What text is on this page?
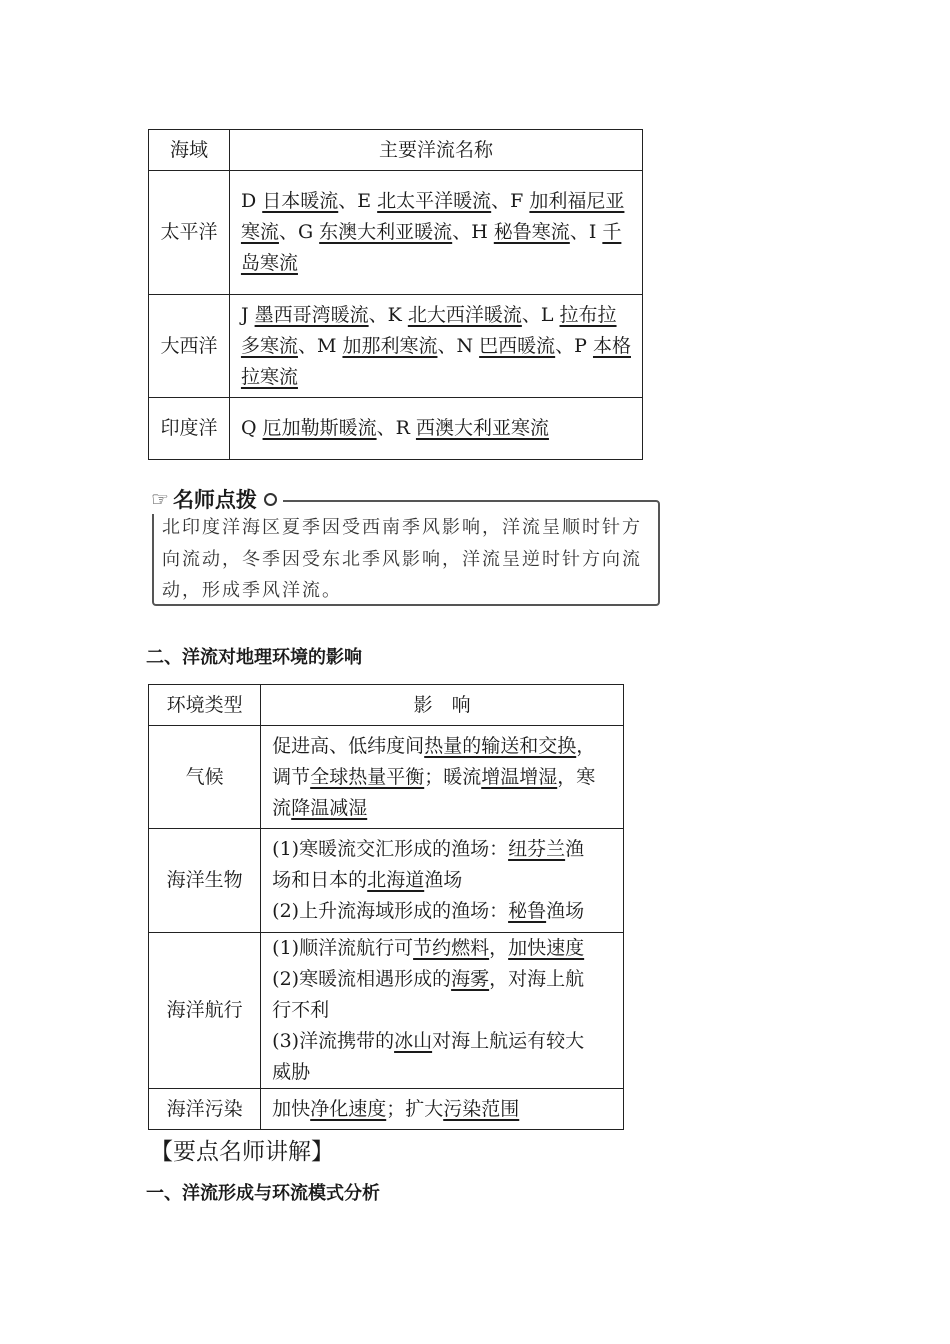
海域	主要洋流名称
太平洋	D 日本暖流、E 北太平洋暖流、F 加利福尼亚
寒流、G 东澳大利亚暖流、H 秘鲁寒流、I 千
岛寒流

大西洋	J 墨西哥湾暖流、K 北大西洋暖流、L 拉布拉
多寒流、M 加那利寒流、N 巴西暖流、P 本格
拉寒流

印度洋	Q 厄加勒斯暖流、R 西澳大利亚寒流
☞ 名师点拨
北印度洋海区夏季因受西南季风影响，洋流呈顺时针方
向流动，冬季因受东北季风影响，洋流呈逆时针方向流
动，形成季风洋流。
二、洋流对地理环境的影响
环境类型	影　响
气候	促进高、低纬度间热量的输送和交换，
调节全球热量平衡；暖流增温增湿，寒
流降温减湿

海洋生物	(1)寒暖流交汇形成的渔场：纽芬兰渔
场和日本的北海道渔场
(2)上升流海域形成的渔场：秘鲁渔场

海洋航行	(1)顺洋流航行可节约燃料，加快速度
(2)寒暖流相遇形成的海雾，对海上航
行不利
(3)洋流携带的冰山对海上航运有较大
威胁

海洋污染	加快净化速度；扩大污染范围
【要点名师讲解】
一、洋流形成与环流模式分析
